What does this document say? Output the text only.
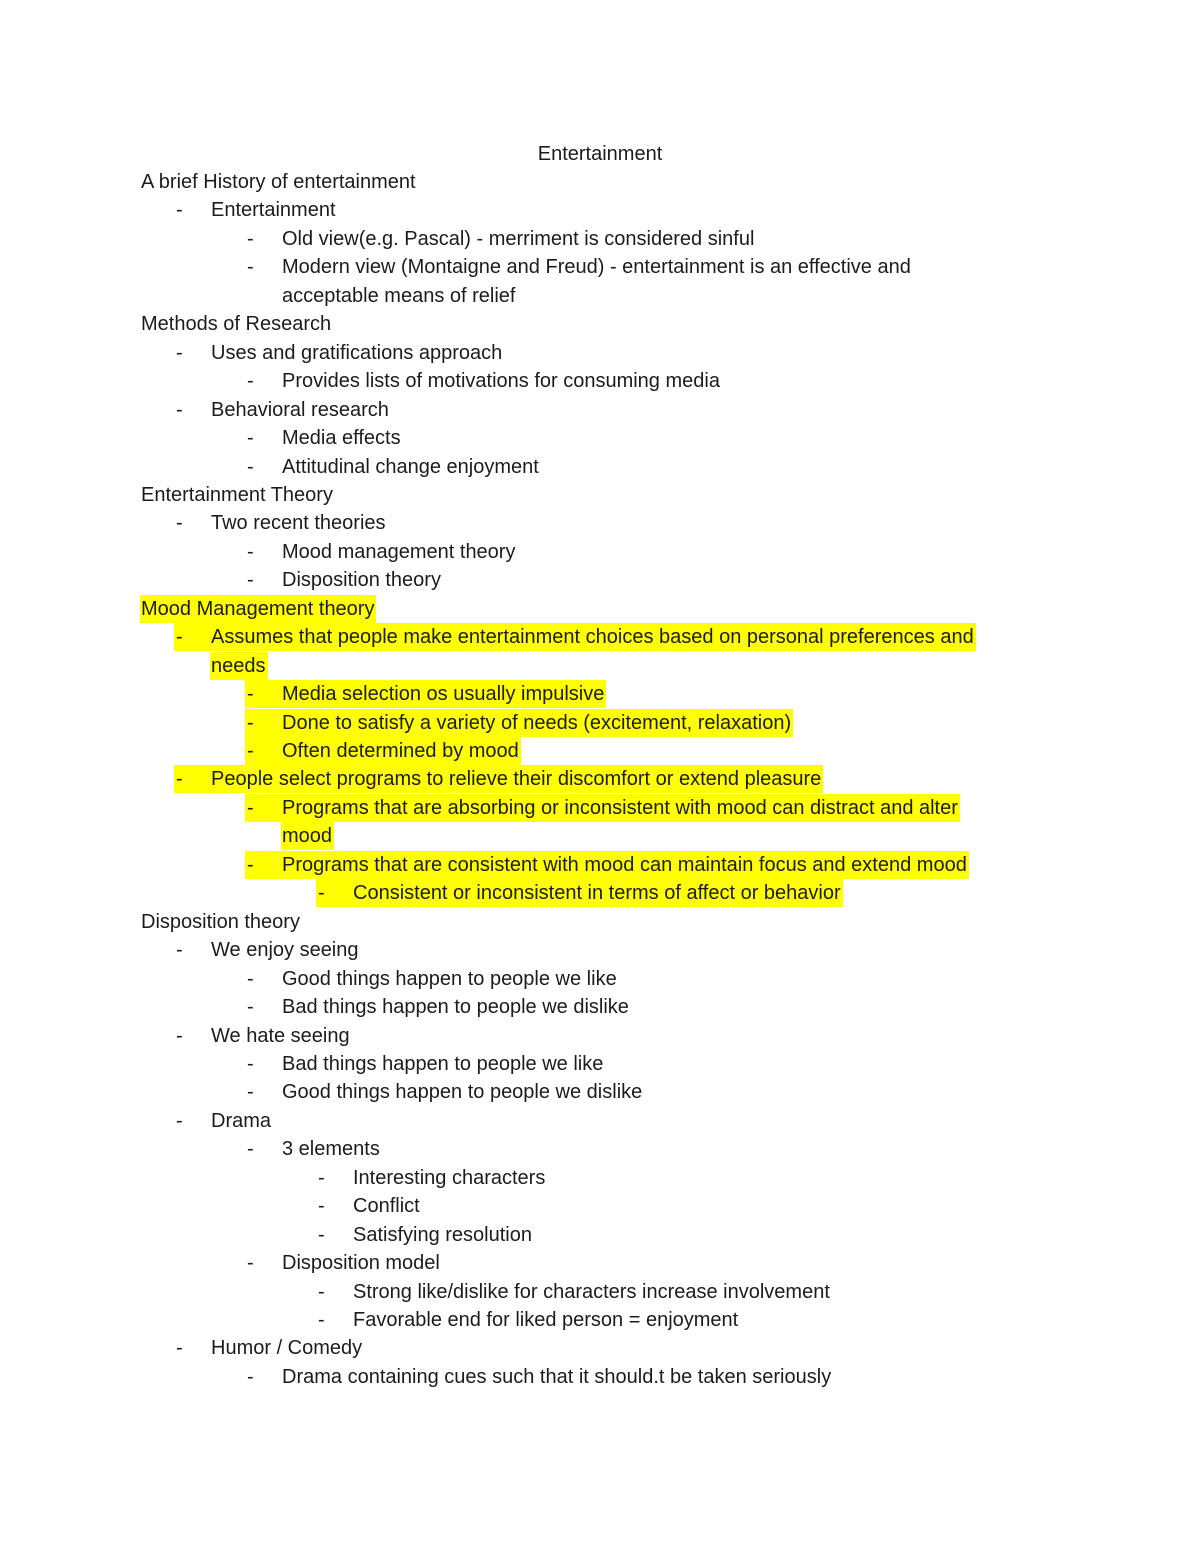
Entertainment
A brief History of entertainment
- Entertainment
- Old view(e.g. Pascal) - merriment is considered sinful
- Modern view (Montaigne and Freud) - entertainment is an effective and
acceptable means of relief
Methods of Research
- Uses and gratifications approach
- Provides lists of motivations for consuming media
- Behavioral research
- Media effects
- Attitudinal change enjoyment
Entertainment Theory
- Two recent theories
- Mood management theory
- Disposition theory
Mood Management theory
- Assumes that people make entertainment choices based on personal preferences and
needs
- Media selection os usually impulsive
- Done to satisfy a variety of needs (excitement, relaxation)
- Often determined by mood
- People select programs to relieve their discomfort or extend pleasure
- Programs that are absorbing or inconsistent with mood can distract and alter
mood
- Programs that are consistent with mood can maintain focus and extend mood
- Consistent or inconsistent in terms of affect or behavior
Disposition theory
- We enjoy seeing
- Good things happen to people we like
- Bad things happen to people we dislike
- We hate seeing
- Bad things happen to people we like
- Good things happen to people we dislike
- Drama
- 3 elements
- Interesting characters
- Conflict
- Satisfying resolution
- Disposition model
- Strong like/dislike for characters increase involvement
- Favorable end for liked person = enjoyment
- Humor / Comedy
- Drama containing cues such that it should.t be taken seriously
